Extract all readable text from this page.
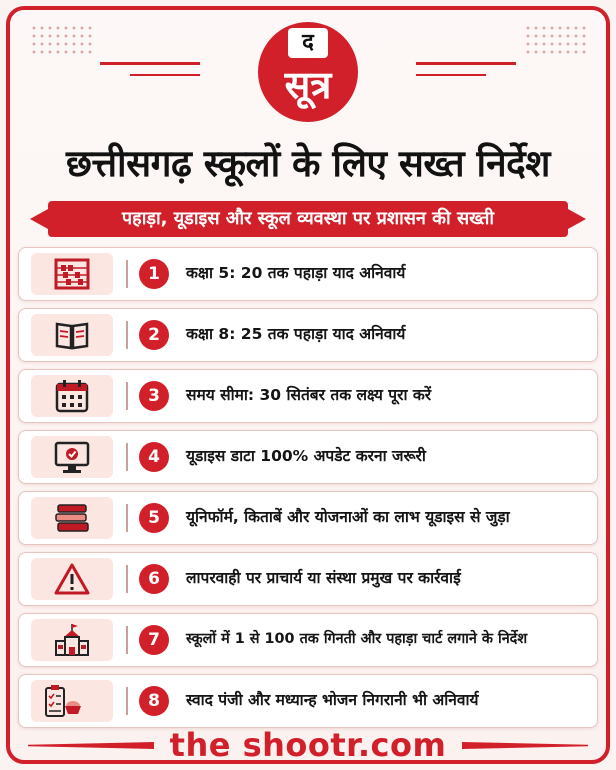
द
सूत्र
छत्तीसगढ़ स्कूलों के लिए सख्त निर्देश
पहाड़ा, यूडाइस और स्कूल व्यवस्था पर प्रशासन की सख्ती
1	कक्षा 5: 20 तक पहाड़ा याद अनिवार्य
2	कक्षा 8: 25 तक पहाड़ा याद अनिवार्य
3	समय सीमा: 30 सितंबर तक लक्ष्य पूरा करें
4	यूडाइस डाटा 100% अपडेट करना जरूरी
5	यूनिफॉर्म, किताबें और योजनाओं का लाभ यूडाइस से जुड़ा
6	लापरवाही पर प्राचार्य या संस्था प्रमुख पर कार्रवाई
7	स्कूलों में 1 से 100 तक गिनती और पहाड़ा चार्ट लगाने के निर्देश
8	स्वाद पंजी और मध्यान्ह भोजन निगरानी भी अनिवार्य
the shootr.com
